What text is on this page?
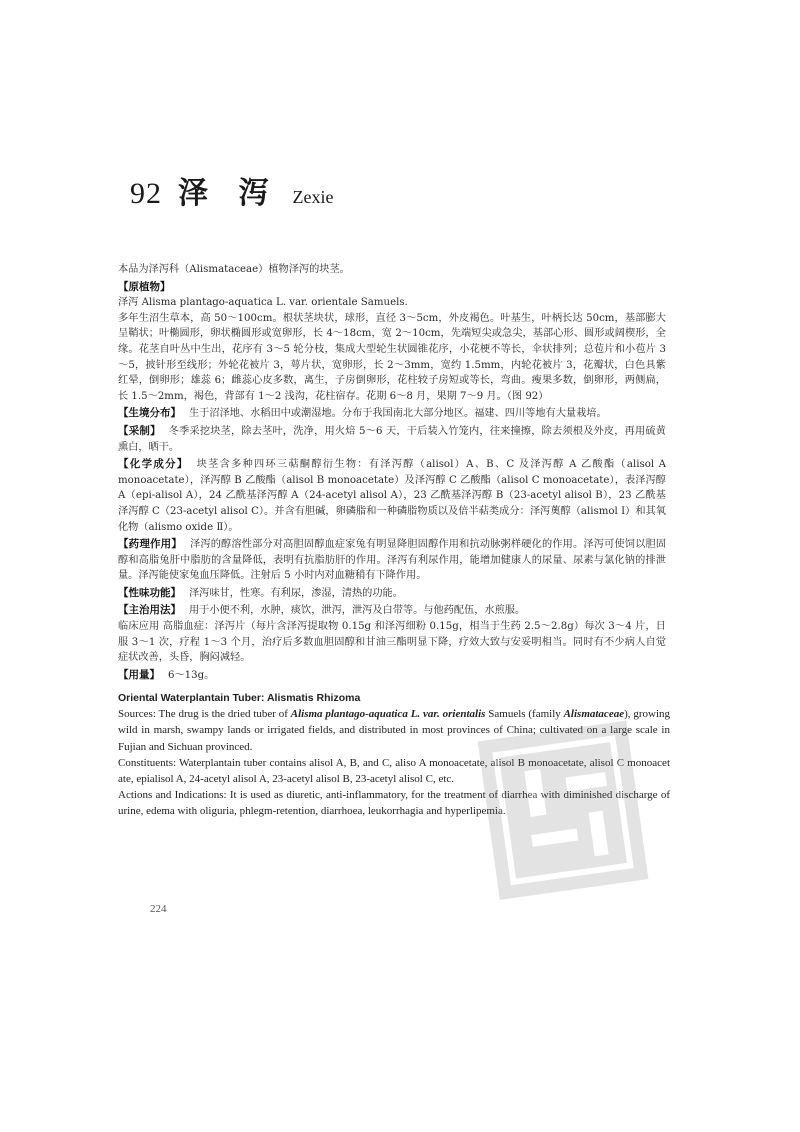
92 泽 泻 Zexie

本品为泽泻科（Alismataceae）植物泽泻的块茎。

【原植物】

泽泻 Alisma plantago-aquatica L. var. orientale Samuels.

多年生沼生草本，高 50～100cm。根状茎块状，球形，直径 3～5cm，外皮褐色。叶基生，叶柄长达 50cm，基部膨大呈鞘状；叶椭圆形，卵状椭圆形或宽卵形，长 4～18cm，宽 2～10cm，先端短尖或急尖，基部心形、圆形或阔楔形，全缘。花茎自叶丛中生出，花序有 3～5 轮分枝，集成大型轮生状圆锥花序，小花梗不等长，伞状排列；总苞片和小苞片 3～5，披针形至线形；外轮花被片 3，萼片状，宽卵形，长 2～3mm，宽约 1.5mm，内轮花被片 3，花瓣状，白色具紫红晕，倒卵形；雄蕊 6；雌蕊心皮多数，离生，子房倒卵形，花柱较子房短或等长，弯曲。瘦果多数，倒卵形，两侧扁，长 1.5～2mm，褐色，背部有 1～2 浅沟，花柱宿存。花期 6～8 月，果期 7～9 月。（图 92）

【生境分布】 生于沼泽地、水稻田中或潮湿地。分布于我国南北大部分地区。福建、四川等地有大量栽培。

【采制】 冬季采挖块茎，除去茎叶，洗净，用火焙 5～6 天，干后装入竹笼内，往来撞擦，除去须根及外皮，再用硫黄熏白，晒干。

【化学成分】 块茎含多种四环三萜酮醇衍生物：有泽泻醇（alisol）A、B、C 及泽泻醇 A 乙酸酯（alisol A monoacetate），泽泻醇 B 乙酸酯（alisol B monoacetate）及泽泻醇 C 乙酸酯（alisol C monoacetate），表泽泻醇 A（epi-alisol A），24 乙酰基泽泻醇 A（24-acetyl alisol A），23 乙酰基泽泻醇 B（23-acetyl alisol B），23 乙酰基泽泻醇 C（23-acetyl alisol C）。并含有胆碱，卵磷脂和一种磷脂物质以及倍半萜类成分：泽泻薁醇（alismol Ⅰ）和其氧化物（alismo oxide Ⅱ）。

【药理作用】 泽泻的醇溶性部分对高胆固醇血症家兔有明显降胆固醇作用和抗动脉粥样硬化的作用。泽泻可使饲以胆固醇和高脂兔肝中脂肪的含量降低，表明有抗脂肪肝的作用。泽泻有利尿作用，能增加健康人的尿量、尿素与氯化钠的排泄量。泽泻能使家兔血压降低。注射后 5 小时内对血糖稍有下降作用。

【性味功能】 泽泻味甘，性寒。有利尿，渗湿，清热的功能。

【主治用法】 用于小便不利，水肿，痰饮，泄泻，泄泻及白带等。与他药配伍，水煎服。

临床应用 高脂血症：泽泻片（每片含泽泻提取物 0.15g 和泽泻细粉 0.15g，相当于生药 2.5～2.8g）每次 3～4 片，日服 3～1 次，疗程 1～3 个月，治疗后多数血胆固醇和甘油三酯明显下降，疗效大致与安妥明相当。同时有不少病人自觉症状改善，头昏，胸闷减轻。

【用量】 6～13g。

Oriental Waterplantain Tuber: Alismatis Rhizoma

Sources: The drug is the dried tuber of Alisma plantago-aquatica L. var. orientalis Samuels (family Alismataceae), growing wild in marsh, swampy lands or irrigated fields, and distributed in most provinces of China; cultivated on a large scale in Fujian and Sichuan provinced.

Constituents: Waterplantain tuber contains alisol A, B, and C, aliso A monoacetate, alisol B monoacetate, alisol C monoacet ate, epialisol A, 24-acetyl alisol A, 23-acetyl alisol B, 23-acetyl alisol C, etc.

Actions and Indications: It is used as diuretic, anti-inflammatory, for the treatment of diarrhea with diminished discharge of urine, edema with oliguria, phlegm-retention, diarrhoea, leukorrhagia and hyperlipemia.

224
